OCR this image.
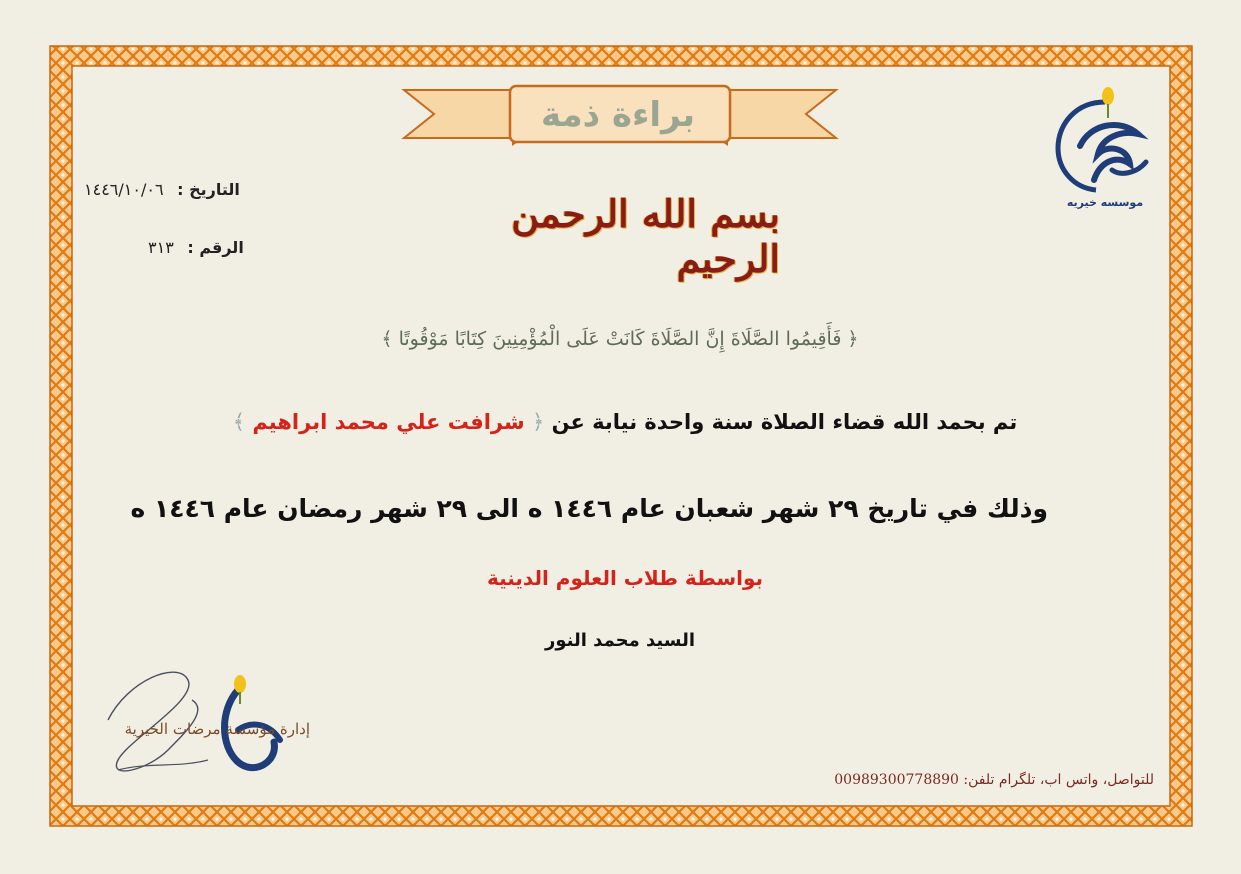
براءة ذمة
التاريخ : ١٤٤٦/١٠/٠٦
الرقم : ٣١٣
بسم الله الرحمن الرحيم
﴿ فَأَقِيمُوا الصَّلَاةَ إِنَّ الصَّلَاةَ كَانَتْ عَلَى الْمُؤْمِنِينَ كِتَابًا مَوْقُوتًا ﴾
تم بحمد الله قضاء الصلاة سنة واحدة نيابة عن ﴿ شرافت علي محمد ابراهيم ﴾
وذلك في تاريخ ٢٩ شهر شعبان عام ١٤٤٦ ه الى ٢٩ شهر رمضان عام ١٤٤٦ ه
بواسطة طلاب العلوم الدينية
السيد محمد النور
موسسه خيريه
إدارة مؤسسة مرضات الخيرية
للتواصل، واتس اب، تلگرام تلفن: 00989300778890
